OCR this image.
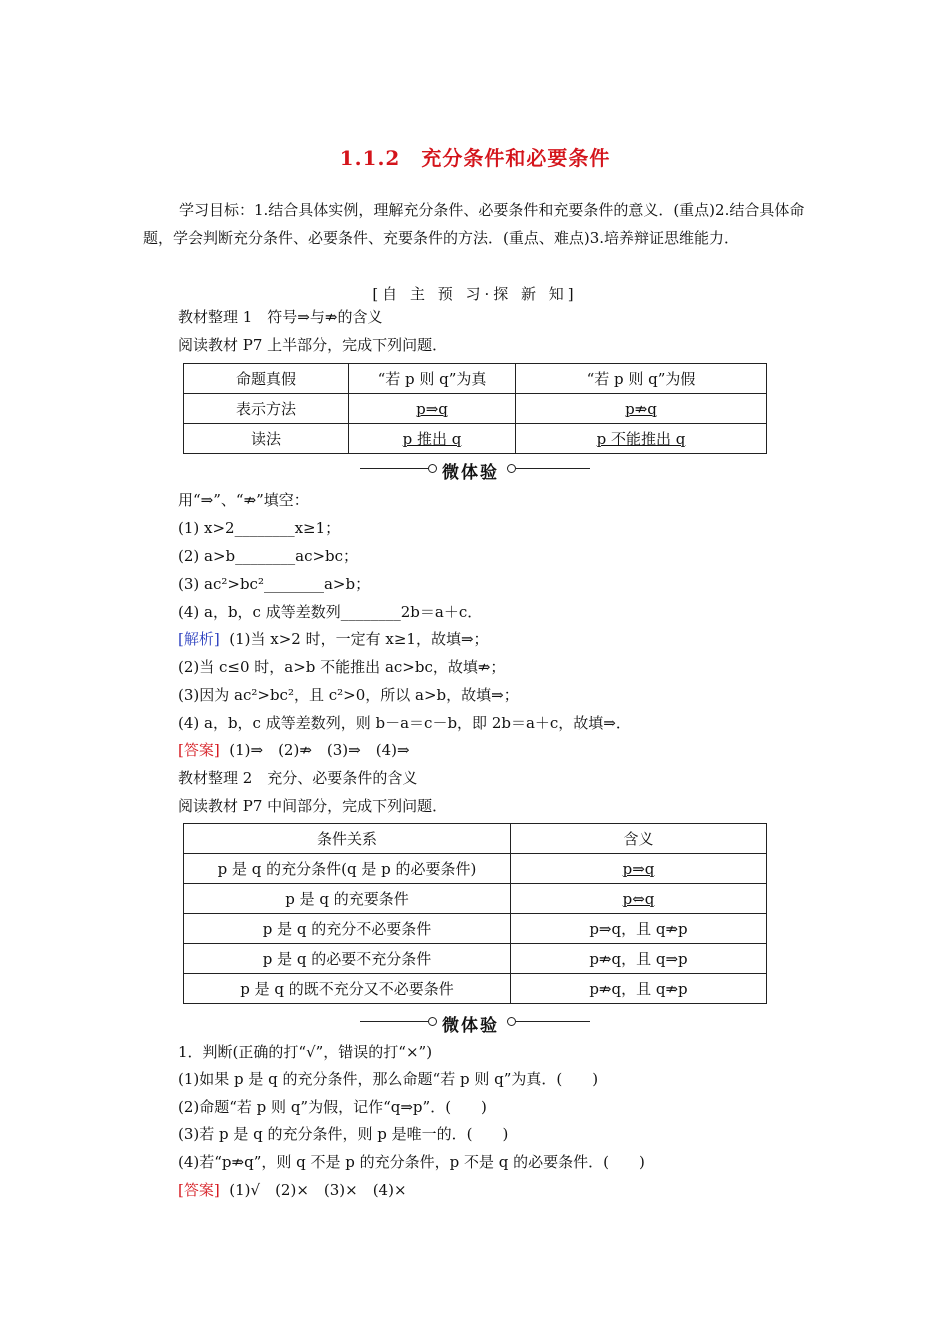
1.1.2　充分条件和必要条件
学习目标：1.结合具体实例，理解充分条件、必要条件和充要条件的意义．(重点)2.结合具体命题，学会判断充分条件、必要条件、充要条件的方法．(重点、难点)3.培养辩证思维能力．
[自 主 预 习·探 新 知]
教材整理 1　符号⇒与⇏的含义
阅读教材 P7 上半部分，完成下列问题．
命题真假	“若 p 则 q”为真	“若 p 则 q”为假
表示方法	p⇒q	p⇏q
读法	p 推出 q	p 不能推出 q
微体验
用“⇒”、“⇏”填空：
(1) x>2________x≥1；
(2) a>b________ac>bc；
(3) ac²>bc²________a>b；
(4) a，b，c 成等差数列________2b＝a＋c．
[解析] (1)当 x>2 时，一定有 x≥1，故填⇒；
(2)当 c≤0 时，a>b 不能推出 ac>bc，故填⇏；
(3)因为 ac²>bc²，且 c²>0，所以 a>b，故填⇒；
(4) a，b，c 成等差数列，则 b－a＝c－b，即 2b＝a＋c，故填⇒．
[答案] (1)⇒　(2)⇏　(3)⇒　(4)⇒
教材整理 2　充分、必要条件的含义
阅读教材 P7 中间部分，完成下列问题．
条件关系	含义
p 是 q 的充分条件(q 是 p 的必要条件)	p⇒q
p 是 q 的充要条件	p⇔q
p 是 q 的充分不必要条件	p⇒q，且 q⇏p
p 是 q 的必要不充分条件	p⇏q，且 q⇒p
p 是 q 的既不充分又不必要条件	p⇏q，且 q⇏p
微体验
1．判断(正确的打“√”，错误的打“×”)
(1)如果 p 是 q 的充分条件，那么命题“若 p 则 q”为真．(　　)
(2)命题“若 p 则 q”为假，记作“q⇒p”．(　　)
(3)若 p 是 q 的充分条件，则 p 是唯一的．(　　)
(4)若“p⇏q”，则 q 不是 p 的充分条件，p 不是 q 的必要条件．(　　)
[答案] (1)√　(2)×　(3)×　(4)×
